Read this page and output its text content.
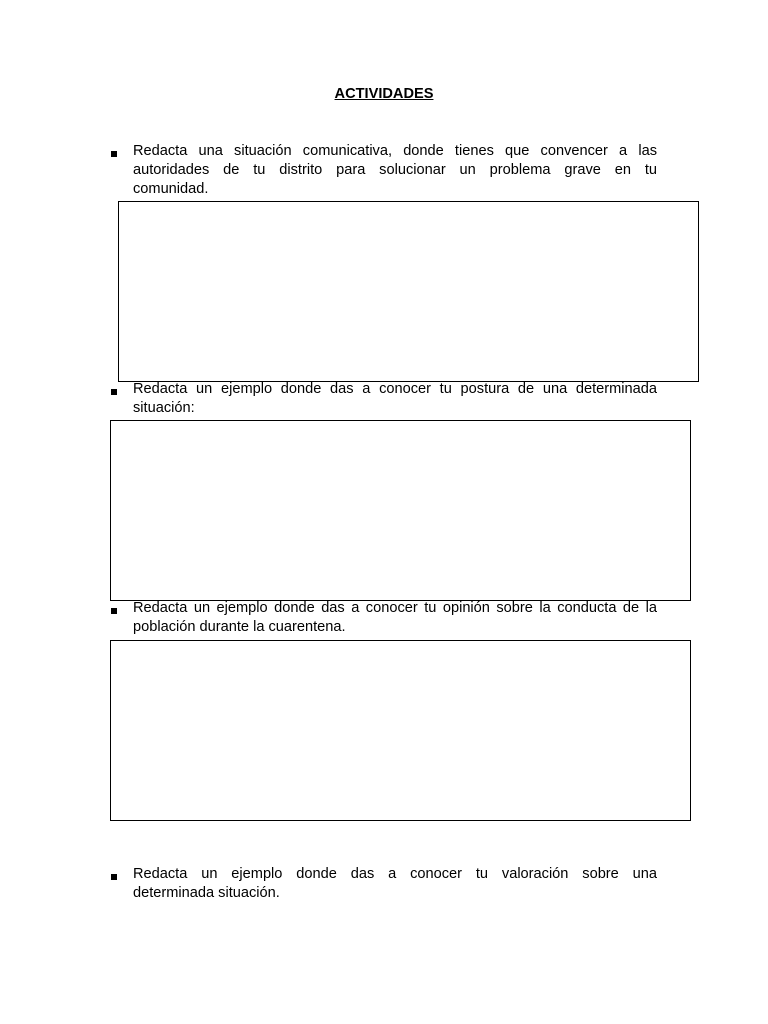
ACTIVIDADES
Redacta una situación comunicativa, donde tienes que convencer a las
autoridades de tu distrito para solucionar un problema grave en tu
comunidad.
Redacta un ejemplo donde das a conocer tu postura de una determinada
situación:
Redacta un ejemplo donde das a conocer tu opinión sobre la conducta de la
población durante la cuarentena.
Redacta un ejemplo donde das a conocer tu valoración sobre una
determinada situación.
